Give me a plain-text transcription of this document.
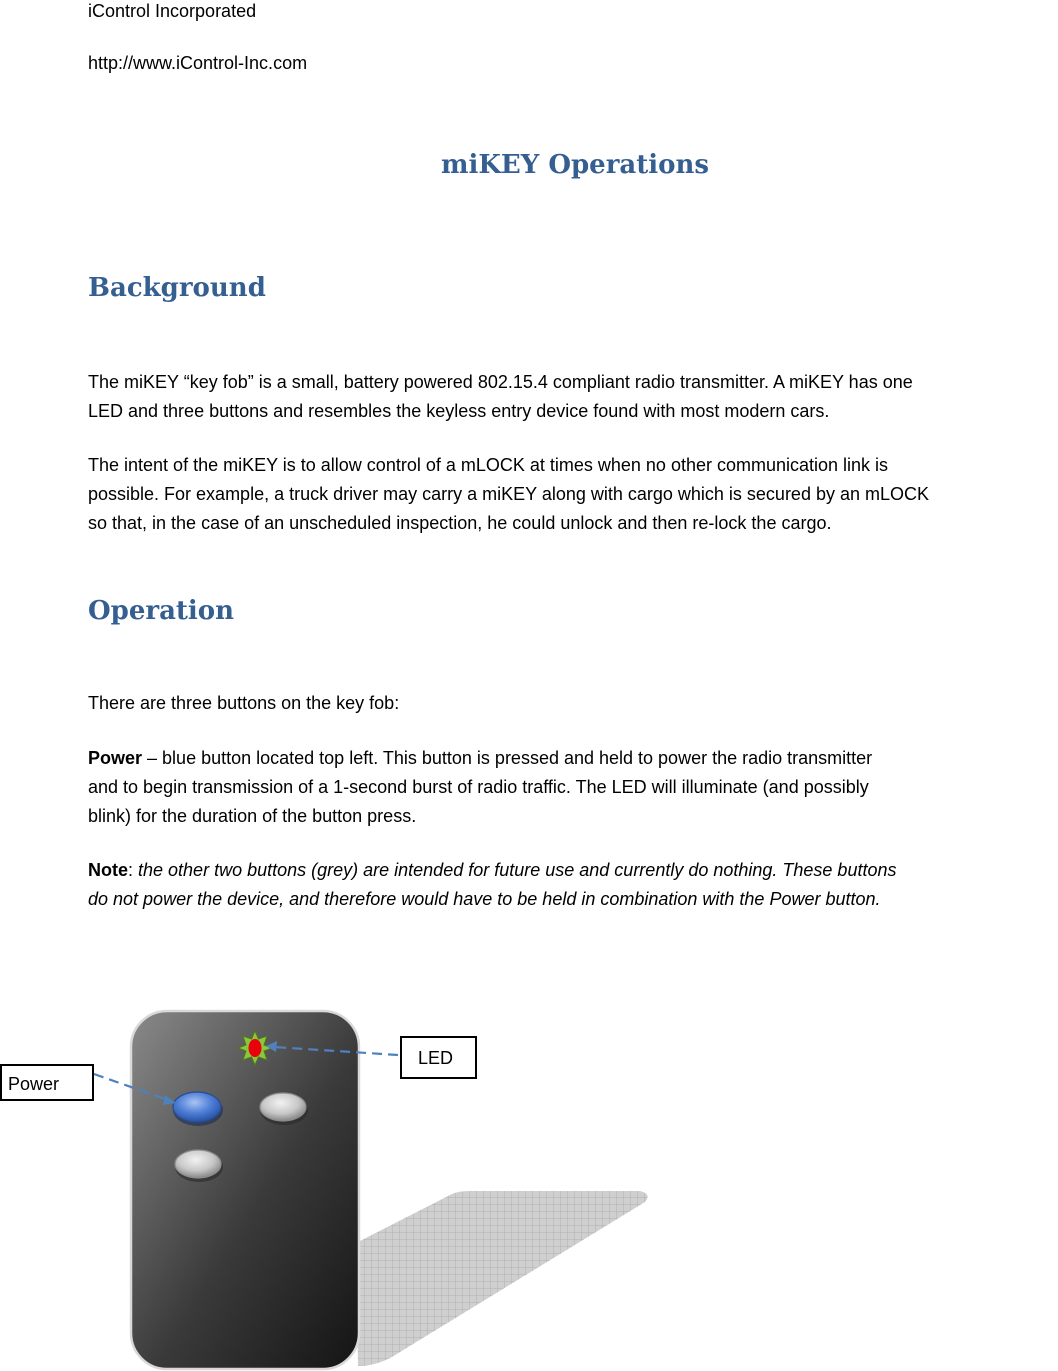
iControl Incorporated
http://www.iControl-Inc.com
miKEY Operations
Background
The miKEY “key fob” is a small, battery powered 802.15.4 compliant radio transmitter. A miKEY has one
LED and three buttons and resembles the keyless entry device found with most modern cars.
The intent of the miKEY is to allow control of a mLOCK at times when no other communication link is
possible. For example, a truck driver may carry a miKEY along with cargo which is secured by an mLOCK
so that, in the case of an unscheduled inspection, he could unlock and then re-lock the cargo.
Operation
There are three buttons on the key fob:
Power – blue button located top left. This button is pressed and held to power the radio transmitter
and to begin transmission of a 1-second burst of radio traffic. The LED will illuminate (and possibly
blink) for the duration of the button press.
Note: the other two buttons (grey) are intended for future use and currently do nothing. These buttons
do not power the device, and therefore would have to be held in combination with the Power button.
Power
LED
